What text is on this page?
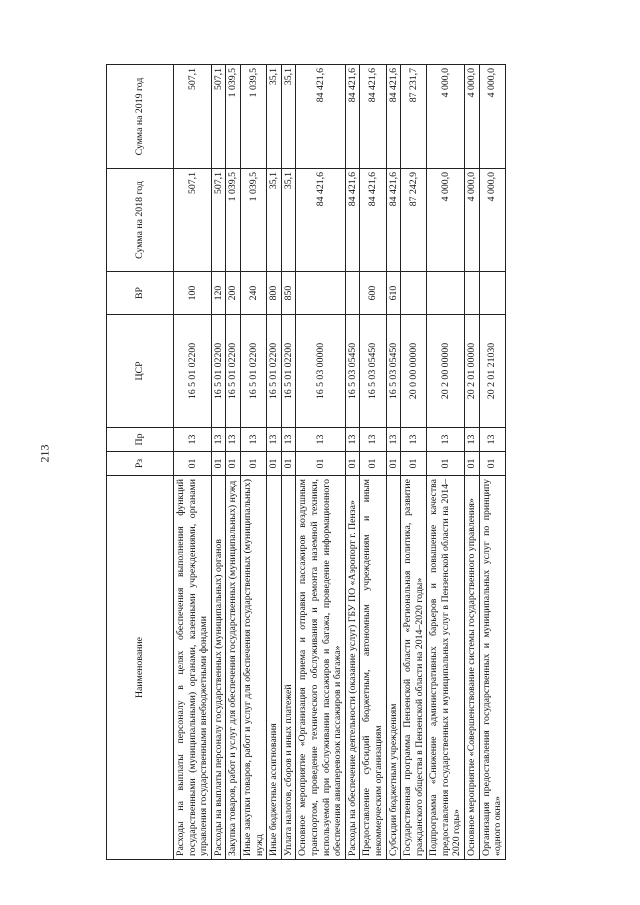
213
Наименование	Рз	Пр	ЦСР	ВР	Сумма на 2018 год	Сумма на 2019 год
Расходы на выплаты персоналу в целях обеспечения выполнения функций государственными (муниципальными) органами, казенными учреждениями, органами управления государственными внебюджетными фондами	01	13	16 5 01 02200	100	507,1	507,1
Расходы на выплаты персоналу государственных (муниципальных) органов	01	13	16 5 01 02200	120	507,1	507,1
Закупка товаров, работ и услуг для обеспечения государственных (муниципальных) нужд	01	13	16 5 01 02200	200	1 039,5	1 039,5
Иные закупки товаров, работ и услуг для обеспечения государственных (муниципальных) нужд	01	13	16 5 01 02200	240	1 039,5	1 039,5
Иные бюджетные ассигнования	01	13	16 5 01 02200	800	35,1	35,1
Уплата налогов, сборов и иных платежей	01	13	16 5 01 02200	850	35,1	35,1
Основное мероприятие «Организация приема и отправки пассажиров воздушным транспортом, проведение технического обслуживания и ремонта наземной техники, используемой при обслуживании пассажиров и багажа, проведение информационного обеспечения авиаперевозок пассажиров и багажа»	01	13	16 5 03 00000		84 421,6	84 421,6
Расходы на обеспечение деятельности (оказание услуг) ГБУ ПО «Аэропорт г. Пенза»	01	13	16 5 03 05450		84 421,6	84 421,6
Предоставление субсидий бюджетным, автономным учреждениям и иным некоммерческим организациям	01	13	16 5 03 05450	600	84 421,6	84 421,6
Субсидии бюджетным учреждениям	01	13	16 5 03 05450	610	84 421,6	84 421,6
Государственная программа Пензенской области «Региональная политика, развитие гражданского общества в Пензенской области на 2014–2020 годы»	01	13	20 0 00 00000		87 242,9	87 231,7
Подпрограмма «Снижение административных барьеров и повышение качества предоставления государственных и муниципальных услуг в Пензенской области на 2014–2020 годы»	01	13	20 2 00 00000		4 000,0	4 000,0
Основное мероприятие «Совершенствование системы государственного управления»	01	13	20 2 01 00000		4 000,0	4 000,0
Организация предоставления государственных и муниципальных услуг по принципу «одного окна»	01	13	20 2 01 21030		4 000,0	4 000,0
